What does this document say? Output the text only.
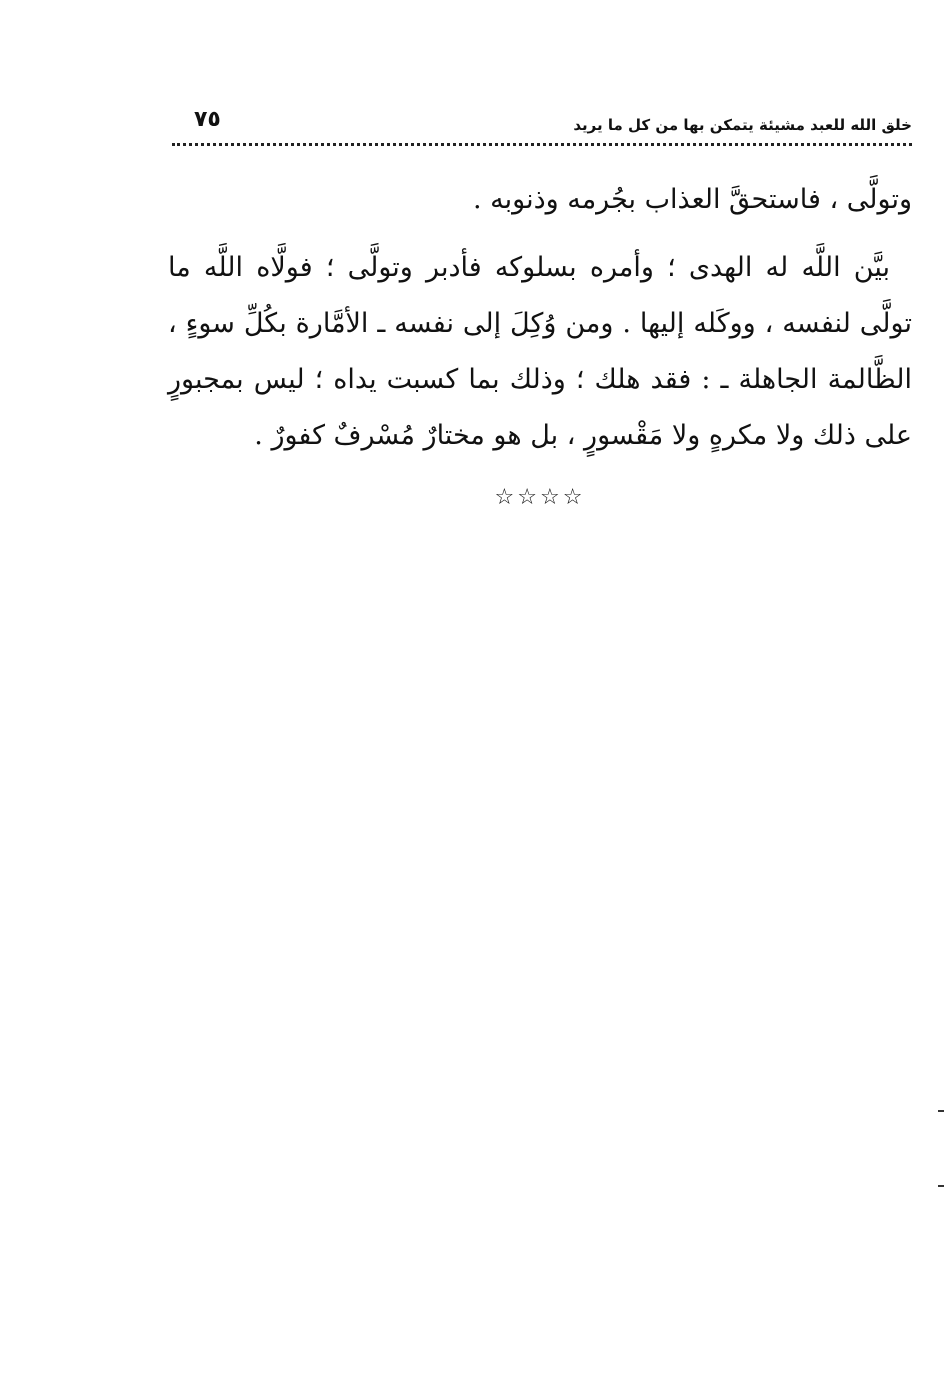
خلق الله للعبد مشيئة يتمكن بها من كل ما يريد
٧٥
وتولَّى ، فاستحقَّ العذاب بجُرمه وذنوبه .
بيَّن اللَّه له الهدى ؛ وأمره بسلوكه فأدبر وتولَّى ؛ فولَّاه اللَّه ما تولَّى لنفسه ، ووكَله إليها . ومن وُكِلَ إلى نفسه ـ الأمَّارة بكُلِّ سوءٍ ، الظَّالمة الجاهلة ـ : فقد هلك ؛ وذلك بما كسبت يداه ؛ ليس بمجبورٍ على ذلك ولا مكرهٍ ولا مَقْسورٍ ، بل هو مختارٌ مُسْرفٌ كفورٌ .
☆☆☆☆
